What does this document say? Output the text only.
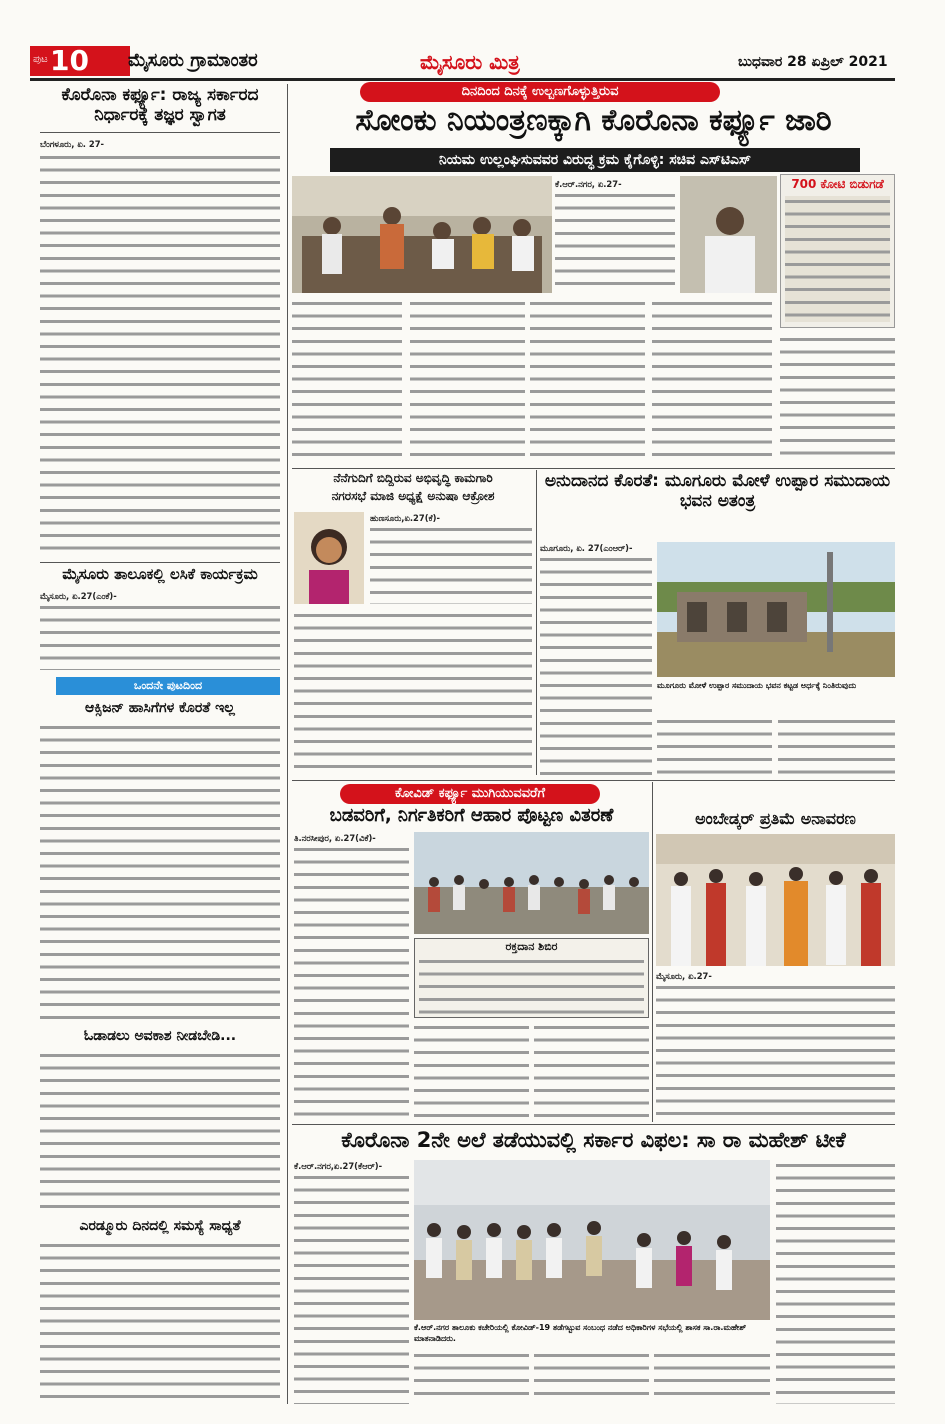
ಪುಟ 10 ಮೈಸೂರು ಗ್ರಾಮಾಂತರ	ಮೈಸೂರು ಮಿತ್ರ	ಬುಧವಾರ 28 ಏಪ್ರಿಲ್ 2021
ಕೊರೊನಾ ಕರ್ಫ್ಯೂ: ರಾಜ್ಯ ಸರ್ಕಾರದ ನಿರ್ಧಾರಕ್ಕೆ ತಜ್ಞರ ಸ್ವಾಗತ
ಬೆಂಗಳೂರು, ಏ. 27-
ಮೈಸೂರು ತಾಲೂಕಲ್ಲಿ ಲಸಿಕೆ ಕಾರ್ಯಕ್ರಮ
ಮೈಸೂರು, ಏ.27(ಎಂಕೆ)-
ಒಂದನೇ ಪುಟದಿಂದ
ಆಕ್ಸಿಜನ್ ಹಾಸಿಗೆಗಳ ಕೊರತೆ ಇಲ್ಲ
ಓಡಾಡಲು ಅವಕಾಶ ನೀಡಬೇಡಿ...
ಎರಡ್ಮೂರು ದಿನದಲ್ಲಿ ಸಮಸ್ಯೆ ಸಾಧ್ಯತೆ
ದಿನದಿಂದ ದಿನಕ್ಕೆ ಉಲ್ಬಣಗೊಳ್ಳುತ್ತಿರುವ
ಸೋಂಕು ನಿಯಂತ್ರಣಕ್ಕಾಗಿ ಕೊರೊನಾ ಕರ್ಫ್ಯೂ ಜಾರಿ
ನಿಯಮ ಉಲ್ಲಂಘಿಸುವವರ ವಿರುದ್ಧ ಕ್ರಮ ಕೈಗೊಳ್ಳಿ: ಸಚಿವ ಎಸ್‌ಟಿಎಸ್
ಕೆ.ಆರ್.ನಗರ, ಏ.27-	700 ಕೋಟಿ ಬಿಡುಗಡೆ
ನೆನೆಗುದಿಗೆ ಬಿದ್ದಿರುವ ಅಭಿವೃದ್ಧಿ ಕಾಮಗಾರಿ
ನಗರಸಭೆ ಮಾಜಿ ಅಧ್ಯಕ್ಷೆ ಅನುಷಾ ಆಕ್ರೋಶ
ಹುಣಸೂರು,ಏ.27(ಕೆ)-
ಅನುದಾನದ ಕೊರತೆ: ಮೂಗೂರು ಮೋಳೆ ಉಪ್ಪಾರ ಸಮುದಾಯ ಭವನ ಅತಂತ್ರ
ಮೂಗೂರು, ಏ. 27(ಎಂಆರ್)-
ಮೂಗೂರು ಮೋಳೆ ಉಪ್ಪಾರ ಸಮುದಾಯ ಭವನ ಕಟ್ಟಡ ಅರ್ಧಕ್ಕೆ ನಿಂತಿರುವುದು
ಕೋವಿಡ್ ಕರ್ಫ್ಯೂ ಮುಗಿಯುವವರೆಗೆ
ಬಡವರಿಗೆ, ನಿರ್ಗತಿಕರಿಗೆ ಆಹಾರ ಪೊಟ್ಟಣ ವಿತರಣೆ
ತಿ.ನರಸೀಪುರ, ಏ.27(ವಿಕೆ)-
ರಕ್ತದಾನ ಶಿಬಿರ
ಅಂಬೇಡ್ಕರ್ ಪ್ರತಿಮೆ ಅನಾವರಣ
ಮೈಸೂರು, ಏ.27-
ಕೊರೊನಾ 2ನೇ ಅಲೆ ತಡೆಯುವಲ್ಲಿ ಸರ್ಕಾರ ವಿಫಲ: ಸಾ ರಾ ಮಹೇಶ್ ಟೀಕೆ
ಕೆ.ಆರ್.ನಗರ,ಏ.27(ಕೆಆರ್)-
ಕೆ.ಆರ್.ನಗರ ತಾಲೂಕು ಕಚೇರಿಯಲ್ಲಿ ಕೋವಿಡ್-19 ತಡೆಗಟ್ಟುವ ಸಂಬಂಧ ನಡೆದ ಅಧಿಕಾರಿಗಳ ಸಭೆಯಲ್ಲಿ ಶಾಸಕ ಸಾ.ರಾ.ಮಹೇಶ್ ಮಾತನಾಡಿದರು.
